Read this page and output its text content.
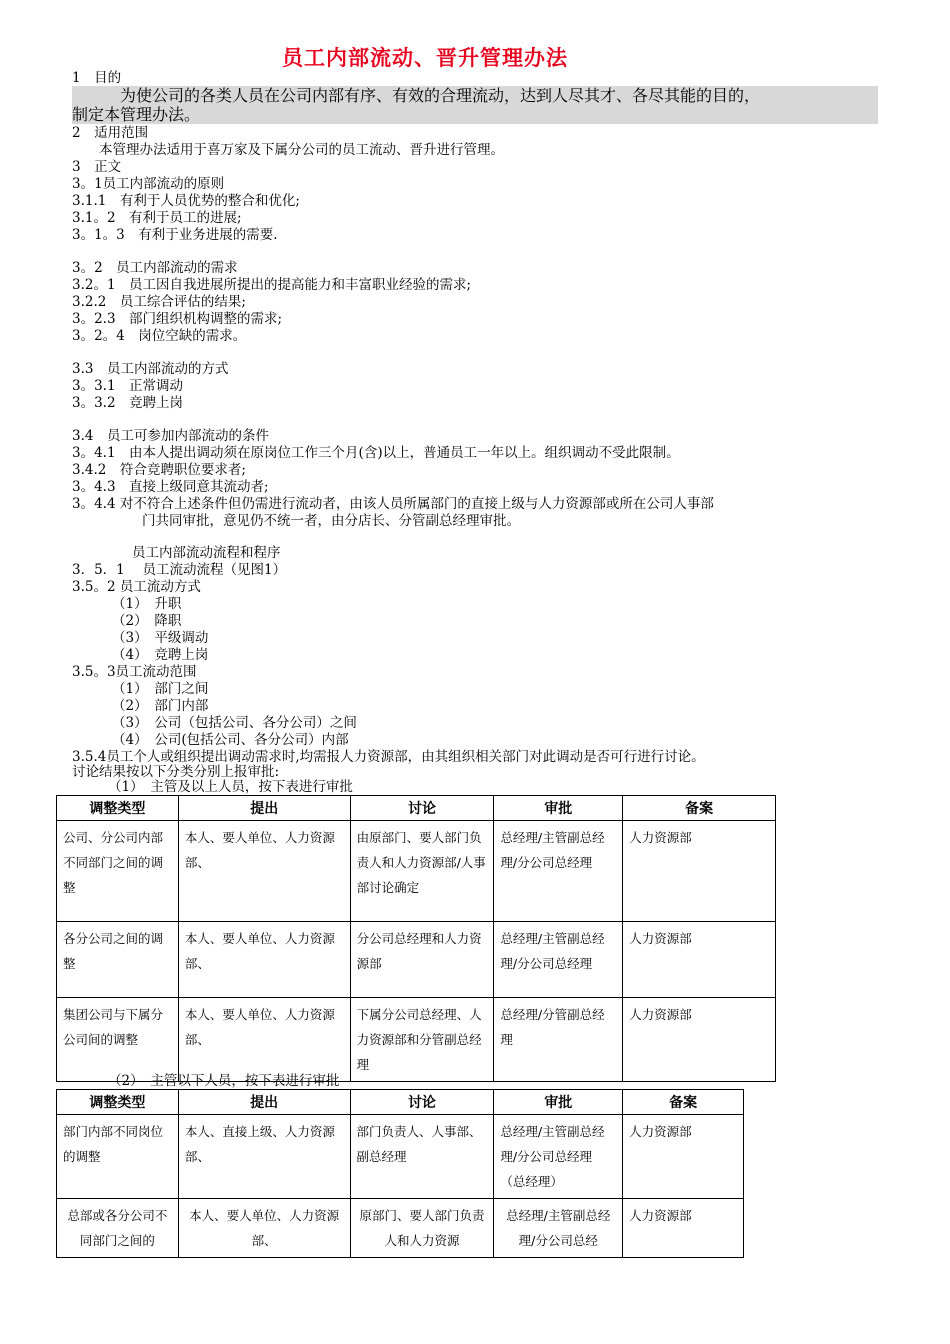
员工内部流动、晋升管理办法
1　目的
　　　为使公司的各类人员在公司内部有序、有效的合理流动，达到人尽其才、各尽其能的目的，
制定本管理办法。
2　适用范围
　　本管理办法适用于喜万家及下属分公司的员工流动、晋升进行管理。
3　正文
3。1员工内部流动的原则
3.1.1　有利于人员优势的整合和优化;
3.1。2　有利于员工的进展;
3。1。3　有利于业务进展的需要.
3。2　员工内部流动的需求
3.2。1　员工因自我进展所提出的提高能力和丰富职业经验的需求;
3.2.2　员工综合评估的结果;
3。2.3　部门组织机构调整的需求;
3。2。4　岗位空缺的需求。
3.3　员工内部流动的方式
3。3.1　正常调动
3。3.2　竞聘上岗
3.4　员工可参加内部流动的条件
3。4.1　由本人提出调动须在原岗位工作三个月(含)以上，普通员工一年以上。组织调动不受此限制。
3.4.2　符合竞聘职位要求者;
3。4.3　直接上级同意其流动者;
3。4.4 对不符合上述条件但仍需进行流动者，由该人员所属部门的直接上级与人力资源部或所在公司人事部
门共同审批，意见仍不统一者，由分店长、分管副总经理审批。
员工内部流动流程和程序
3．5．1　 员工流动流程（见图1）
3.5。2 员工流动方式
（1）　升职
（2）　降职
（3）　平级调动
（4）　竞聘上岗
3.5。3员工流动范围
（1）　部门之间
（2）　部门内部
（3）　公司（包括公司、各分公司）之间
（4）　公司(包括公司、各分公司）内部
3.5.4员工个人或组织提出调动需求时,均需报人力资源部，由其组织相关部门对此调动是否可行进行讨论。
讨论结果按以下分类分别上报审批:
（1）　主管及以上人员，按下表进行审批
调整类型	提出	讨论	审批	备案
公司、分公司内部不同部门之间的调整	本人、要人单位、人力资源部、	由原部门、要人部门负责人和人力资源部/人事部讨论确定	总经理/主管副总经理/分公司总经理	人力资源部
各分公司之间的调整	本人、要人单位、人力资源部、	分公司总经理和人力资源部	总经理/主管副总经理/分公司总经理	人力资源部
集团公司与下属分公司间的调整	本人、要人单位、人力资源部、	下属分公司总经理、人力资源部和分管副总经理	总经理/分管副总经理	人力资源部
（2）　主管以下人员，按下表进行审批
调整类型	提出	讨论	审批	备案
部门内部不同岗位的调整	本人、直接上级、人力资源部、	部门负责人、人事部、副总经理	总经理/主管副总经理/分公司总经理（总经理）	人力资源部
总部或各分公司不同部门之间的	本人、要人单位、人力资源部、	原部门、要人部门负责人和人力资源	总经理/主管副总经理/分公司总经	人力资源部
